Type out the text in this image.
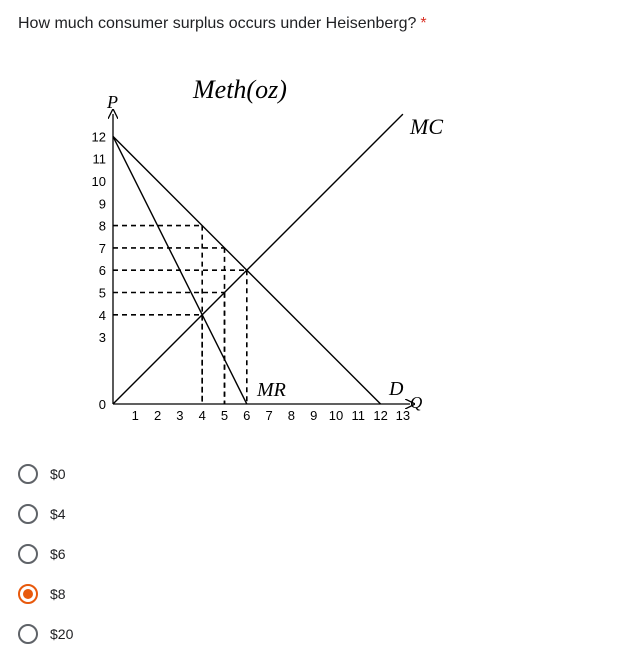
How much consumer surplus occurs under Heisenberg? *
1 2 3 4 5 6 7 8 9 10 11 12 13
12
11
10
9
8
7
6
5
4
3
0
P
Q
Meth(oz)
D
MR
MC
$0
$4
$6
$8
$20
